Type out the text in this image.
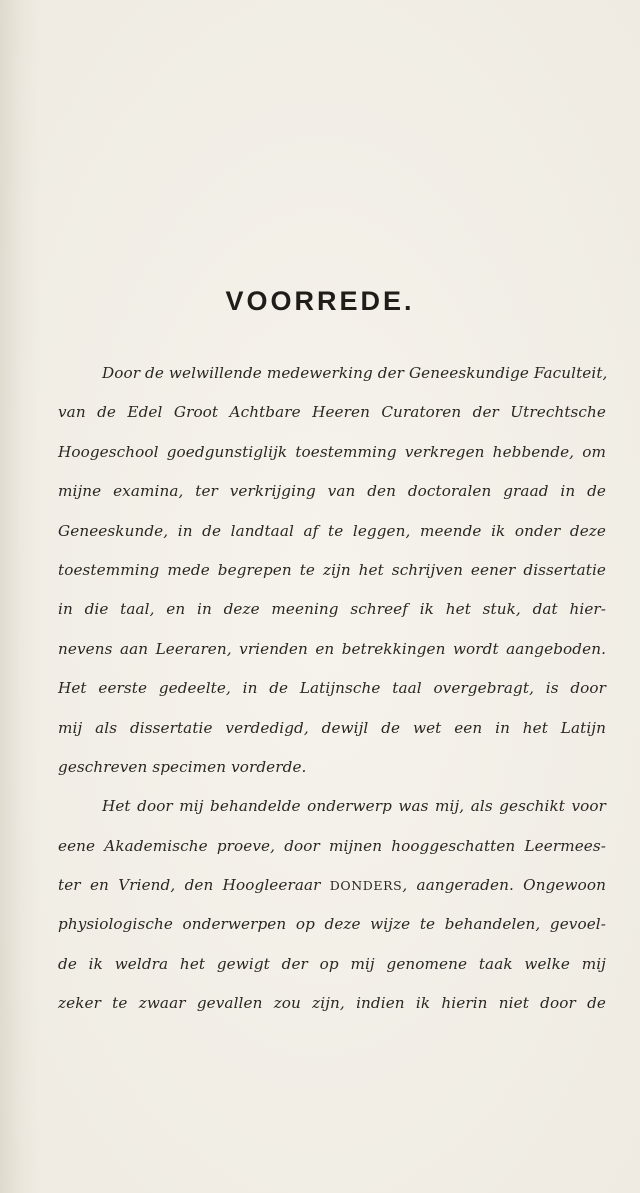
VOORREDE.
Door de welwillende medewerking der Geneeskundige Faculteit,
van de Edel Groot Achtbare Heeren Curatoren der Utrechtsche
Hoogeschool goedgunstiglijk toestemming verkregen hebbende, om
mijne examina, ter verkrijging van den doctoralen graad in de
Geneeskunde, in de landtaal af te leggen, meende ik onder deze
toestemming mede begrepen te zijn het schrijven eener dissertatie
in die taal, en in deze meening schreef ik het stuk, dat hier-
nevens aan Leeraren, vrienden en betrekkingen wordt aangeboden.
Het eerste gedeelte, in de Latijnsche taal overgebragt, is door
mij als dissertatie verdedigd, dewijl de wet een in het Latijn
geschreven specimen vorderde.
Het door mij behandelde onderwerp was mij, als geschikt voor
eene Akademische proeve, door mijnen hooggeschatten Leermees-
ter en Vriend, den Hoogleeraar DONDERS, aangeraden. Ongewoon
physiologische onderwerpen op deze wijze te behandelen, gevoel-
de ik weldra het gewigt der op mij genomene taak welke mij
zeker te zwaar gevallen zou zijn, indien ik hierin niet door de
